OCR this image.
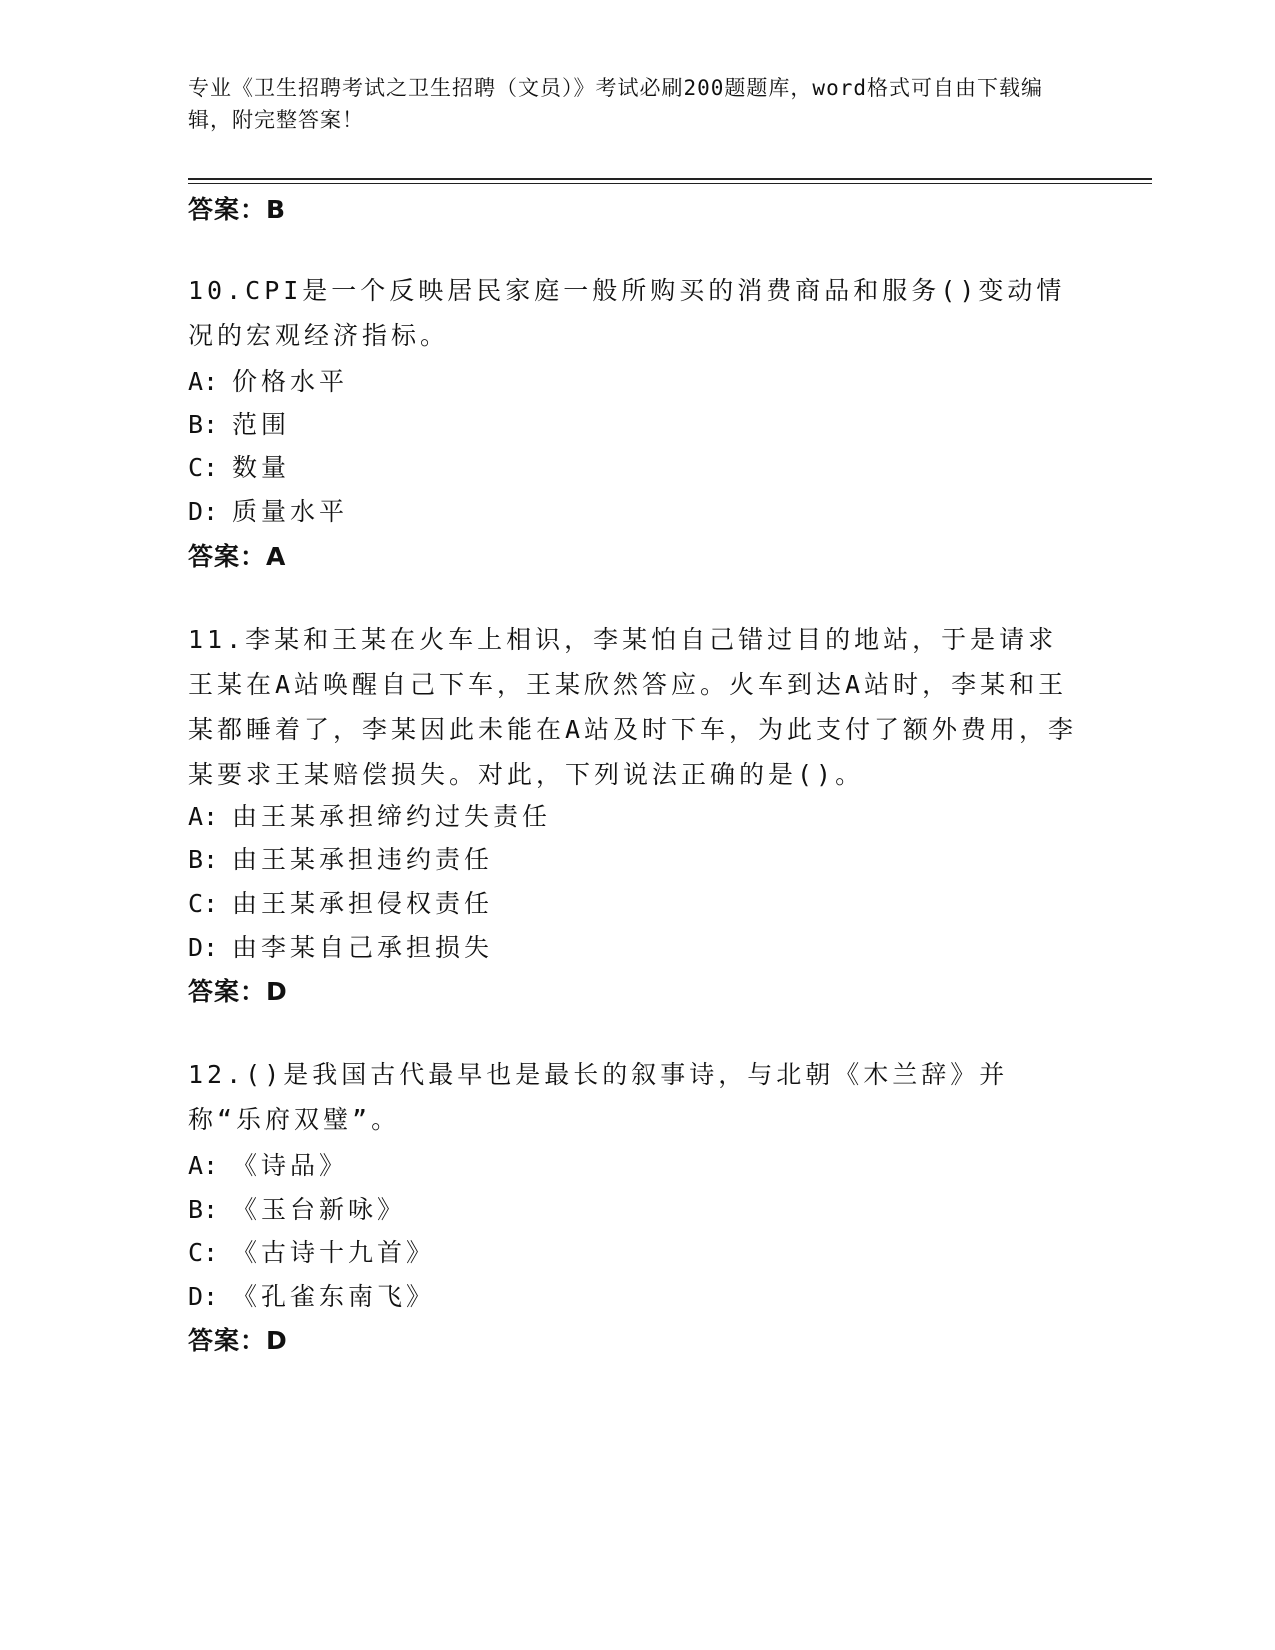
专业《卫生招聘考试之卫生招聘（文员）》考试必刷200题题库，word格式可自由下载编辑，附完整答案！
答案：B
10.CPI是一个反映居民家庭一般所购买的消费商品和服务()变动情况的宏观经济指标。
A: 价格水平
B: 范围
C: 数量
D: 质量水平
答案：A
11.李某和王某在火车上相识，李某怕自己错过目的地站，于是请求王某在A站唤醒自己下车，王某欣然答应。火车到达A站时，李某和王某都睡着了，李某因此未能在A站及时下车，为此支付了额外费用，李某要求王某赔偿损失。对此，下列说法正确的是()。
A: 由王某承担缔约过失责任
B: 由王某承担违约责任
C: 由王某承担侵权责任
D: 由李某自己承担损失
答案：D
12.()是我国古代最早也是最长的叙事诗，与北朝《木兰辞》并称“乐府双璧”。
A: 《诗品》
B: 《玉台新咏》
C: 《古诗十九首》
D: 《孔雀东南飞》
答案：D
